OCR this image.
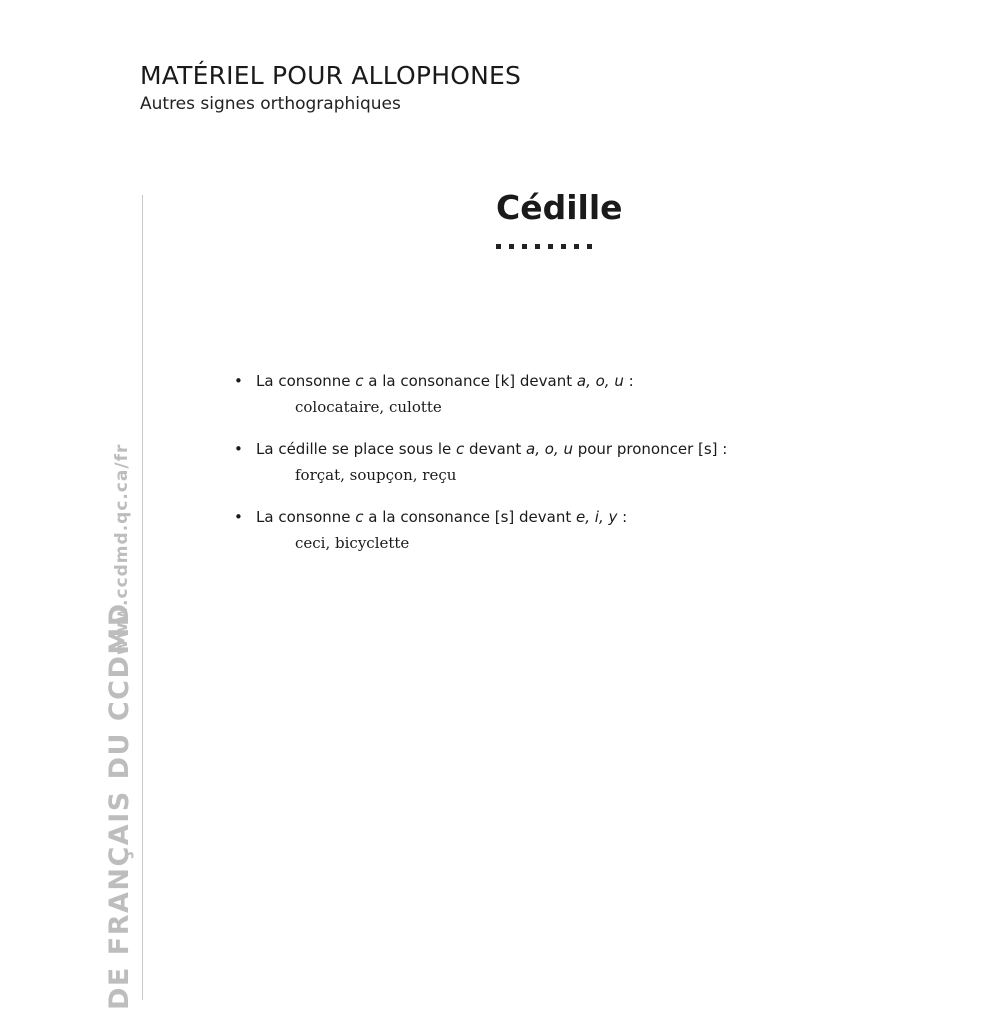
MATÉRIEL POUR ALLOPHONES
Autres signes orthographiques
www.ccdmd.qc.ca/fr
DE FRANÇAIS DU CCDMD
Cédille
• La consonne c a la consonance [k] devant a, o, u :
colocataire, culotte
• La cédille se place sous le c devant a, o, u pour prononcer [s] :
forçat, soupçon, reçu
• La consonne c a la consonance [s] devant e, i, y :
ceci, bicyclette
